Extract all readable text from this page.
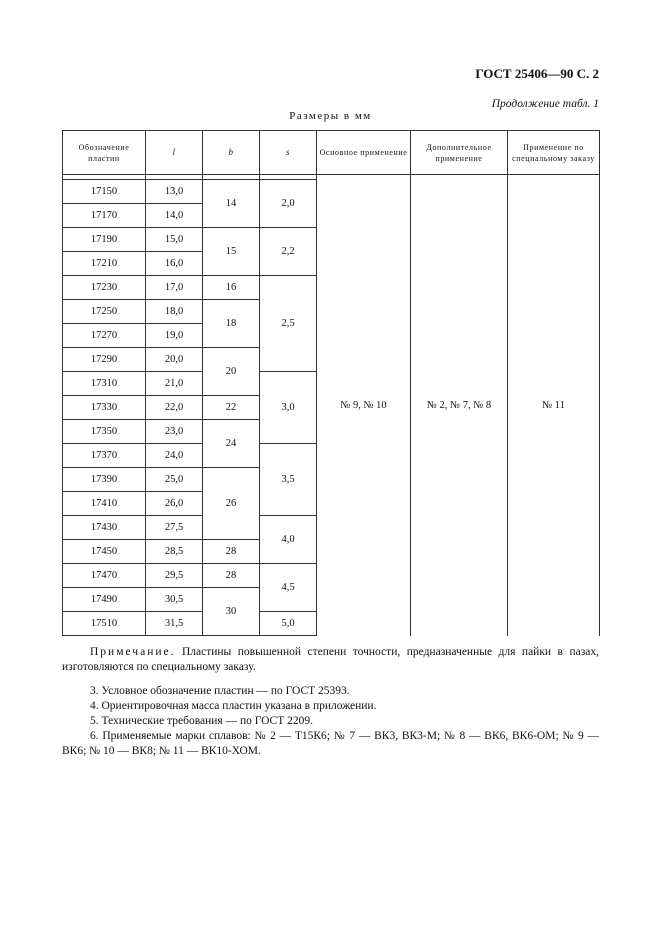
ГОСТ 25406—90 С. 2
Продолжение табл. 1
Размеры в мм
Обозначение пластин	l	b	s	Основное применение	Дополнительное применение	Применение по специальному заказу
				№ 9, № 10	№ 2, № 7, № 8	№ 11
17150	13,0	14	2,0			
17170	14,0					
17190	15,0	15	2,2			
17210	16,0					
17230	17,0	16	2,5			
17250	18,0	18				
17270	19,0					
17290	20,0	20				
17310	21,0		3,0			
17330	22,0	22				
17350	23,0	24				
17370	24,0		3,5			
17390	25,0	26				
17410	26,0					
17430	27,5		4,0			
17450	28,5	28				
17470	29,5	28	4,5			
17490	30,5	30				
17510	31,5		5,0			
Примечание. Пластины повышенной степени точности, предназначенные для пайки в пазах, изготовляются по специальному заказу.

3. Условное обозначение пластин — по ГОСТ 25393.

4. Ориентировочная масса пластин указана в приложении.

5. Технические требования — по ГОСТ 2209.

6. Применяемые марки сплавов: № 2 — Т15К6; № 7 — ВК3, ВК3-М; № 8 — ВК6, ВК6-ОМ; № 9 — ВК6; № 10 — ВК8; № 11 — ВК10-ХОМ.
